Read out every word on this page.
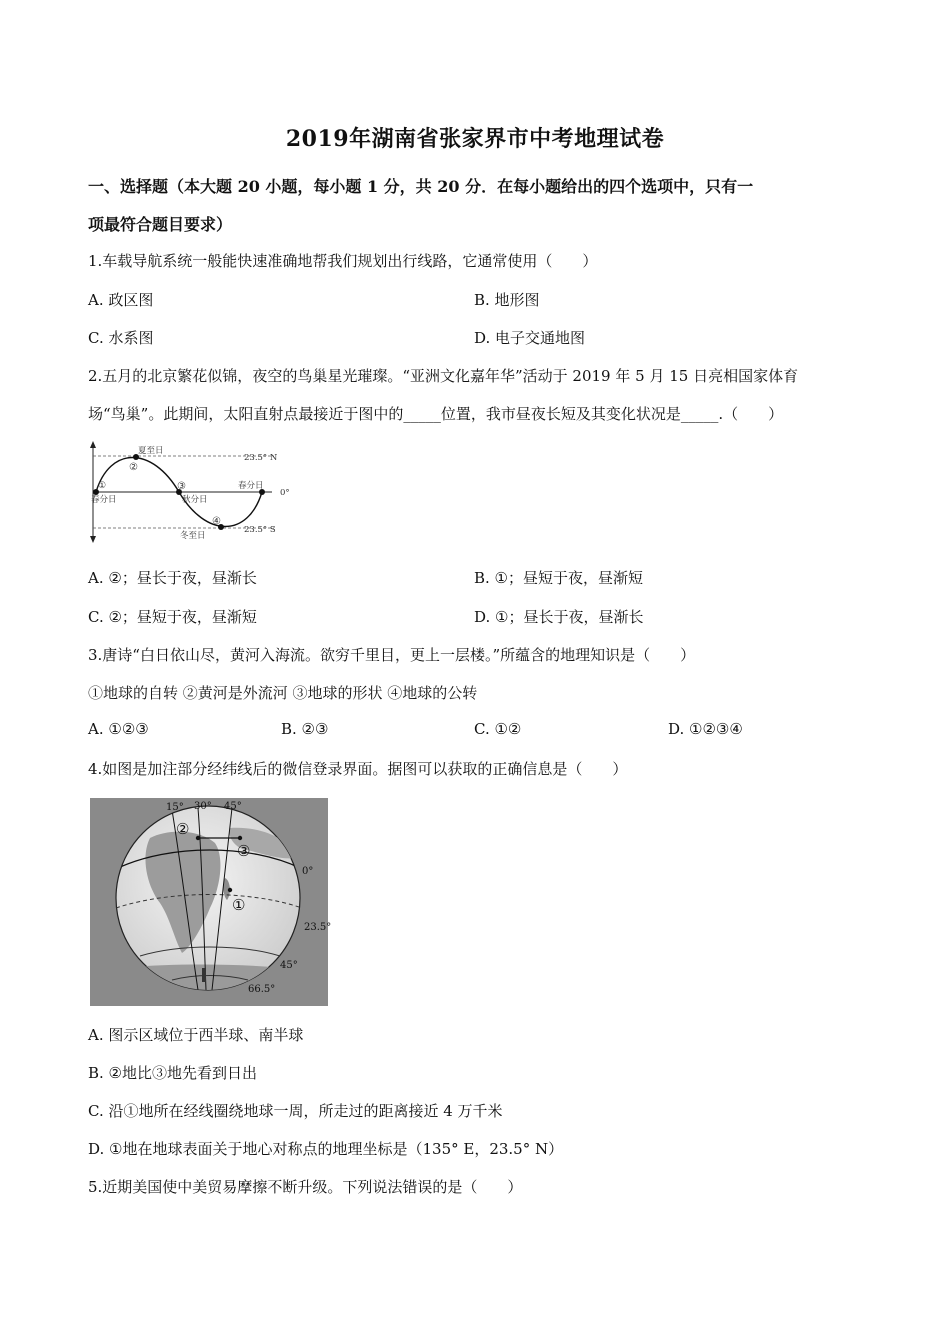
2019年湖南省张家界市中考地理试卷
一、选择题（本大题 20 小题，每小题 1 分，共 20 分．在每小题给出的四个选项中，只有一
项最符合题目要求）
1.车载导航系统一般能快速准确地帮我们规划出行线路，它通常使用（　　）
A. 政区图	B. 地形图
C. 水系图	D. 电子交通地图
2.五月的北京繁花似锦，夜空的鸟巢星光璀璨。“亚洲文化嘉年华”活动于 2019 年 5 月 15 日亮相国家体育
场“鸟巢”。此期间，太阳直射点最接近于图中的_____位置，我市昼夜长短及其变化状况是_____.（　　）
①
②
③
④
夏至日
春分日	秋分日
春分日
冬至日
23.5° N
0°
23.5° S
A. ②；昼长于夜，昼渐长	B. ①；昼短于夜，昼渐短
C. ②；昼短于夜，昼渐短	D. ①；昼长于夜，昼渐长
3.唐诗“白日依山尽，黄河入海流。欲穷千里目，更上一层楼。”所蕴含的地理知识是（　　）
①地球的自转 ②黄河是外流河 ③地球的形状 ④地球的公转
A. ①②③	B. ②③	C. ①②	D. ①②③④
4.如图是加注部分经纬线后的微信登录界面。据图可以获取的正确信息是（　　）
15° 30° 45°
0°
23.5°
45°
66.5°
①
②
③
A. 图示区域位于西半球、南半球
B. ②地比③地先看到日出
C. 沿①地所在经线圈绕地球一周，所走过的距离接近 4 万千米
D. ①地在地球表面关于地心对称点的地理坐标是（135° E，23.5° N）
5.近期美国使中美贸易摩擦不断升级。下列说法错误的是（　　）
